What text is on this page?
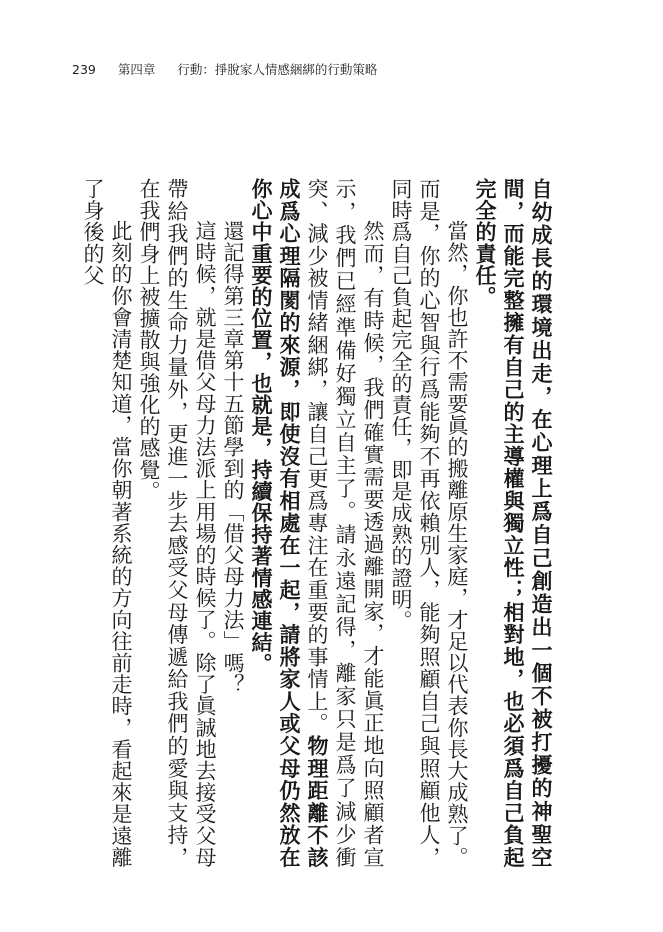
239 第四章 行動：掙脫家人情感綑綁的行動策略

自幼成長的環境出走，在心理上爲自己創造出一個不被打擾的神聖空間，而能完整擁有自己的主導權與獨立性；相對地，也必須爲自己負起完全的責任。

當然，你也許不需要眞的搬離原生家庭，才足以代表你長大成熟了。而是，你的心智與行爲能夠不再依賴別人，能夠照顧自己與照顧他人，同時爲自己負起完全的責任，即是成熟的證明。

然而，有時候，我們確實需要透過離開家，才能眞正地向照顧者宣示，我們已經準備好獨立自主了。請永遠記得，離家只是爲了減少衝突、減少被情緒綑綁，讓自己更爲專注在重要的事情上。物理距離不該成爲心理隔閡的來源，即使沒有相處在一起，請將家人或父母仍然放在你心中重要的位置，也就是，持續保持著情感連結。

還記得第三章第十五節學到的「借父母力法」嗎？

這時候，就是借父母力法派上用場的時候了。除了眞誠地去接受父母帶給我們的生命力量外，更進一步去感受父母傳遞給我們的愛與支持，在我們身上被擴散與強化的感覺。

此刻的你會清楚知道，當你朝著系統的方向往前走時，看起來是遠離了身後的父
